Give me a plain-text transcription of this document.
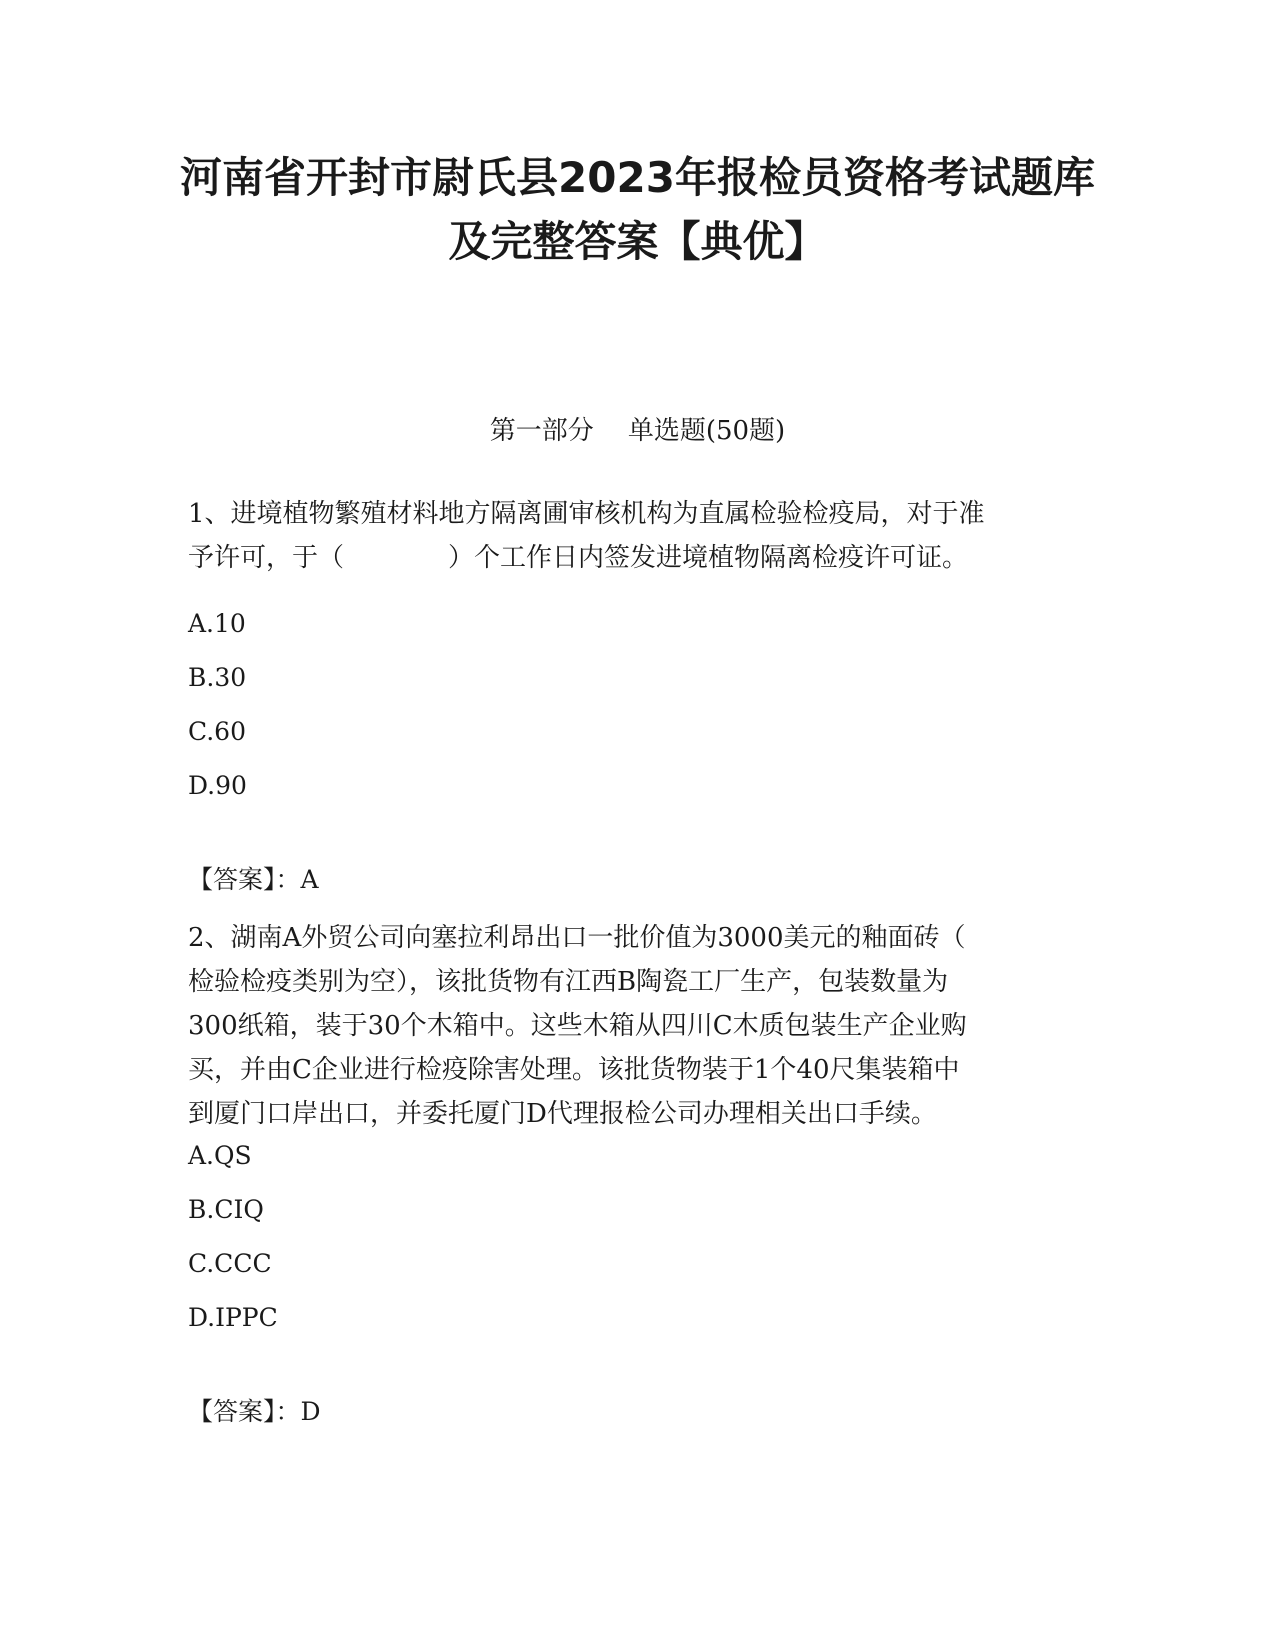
河南省开封市尉氏县2023年报检员资格考试题库
及完整答案【典优】
第一部分 单选题(50题)
1、进境植物繁殖材料地方隔离圃审核机构为直属检验检疫局，对于准
予许可，于（	）个工作日内签发进境植物隔离检疫许可证。
A.10
B.30
C.60
D.90
【答案】：A
2、湖南A外贸公司向塞拉利昂出口一批价值为3000美元的釉面砖（
检验检疫类别为空），该批货物有江西B陶瓷工厂生产，包装数量为
300纸箱，装于30个木箱中。这些木箱从四川C木质包装生产企业购
买，并由C企业进行检疫除害处理。该批货物装于1个40尺集装箱中
到厦门口岸出口，并委托厦门D代理报检公司办理相关出口手续。
A.QS
B.CIQ
C.CCC
D.IPPC
【答案】：D
